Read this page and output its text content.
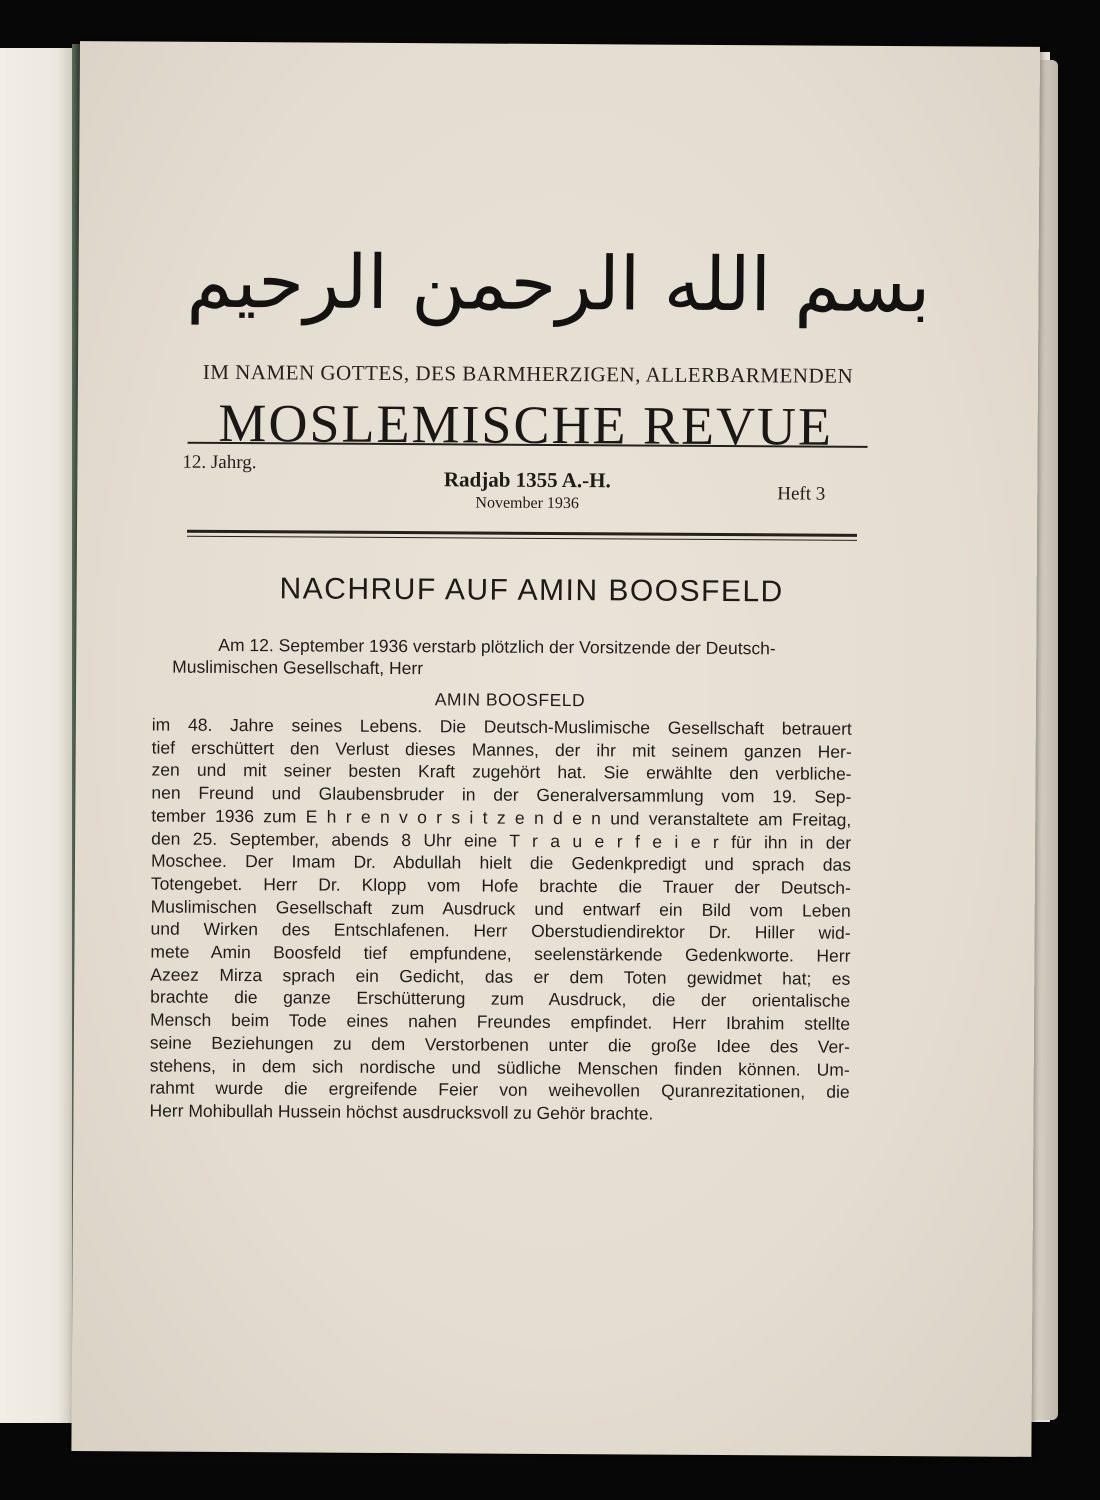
بسم الله الرحمن الرحيم
IM NAMEN GOTTES, DES BARMHERZIGEN, ALLERBARMENDEN
MOSLEMISCHE REVUE
12. Jahrg.
Radjab 1355 A.-H.
November 1936	Heft 3
NACHRUF AUF AMIN BOOSFELD
Am 12. September 1936 verstarb plötzlich der Vorsitzende der Deutsch-
Muslimischen Gesellschaft, Herr
AMIN BOOSFELD
im 48. Jahre seines Lebens. Die Deutsch-Muslimische Gesellschaft betrauert
tief erschüttert den Verlust dieses Mannes, der ihr mit seinem ganzen Her-
zen und mit seiner besten Kraft zugehört hat. Sie erwählte den verbliche-
nen Freund und Glaubensbruder in der Generalversammlung vom 19. Sep-
tember 1936 zum E h r e n v o r s i t z e n d e n und veranstaltete am Freitag,
den 25. September, abends 8 Uhr eine T r a u e r f e i e r für ihn in der
Moschee. Der Imam Dr. Abdullah hielt die Gedenkpredigt und sprach das
Totengebet. Herr Dr. Klopp vom Hofe brachte die Trauer der Deutsch-
Muslimischen Gesellschaft zum Ausdruck und entwarf ein Bild vom Leben
und Wirken des Entschlafenen. Herr Oberstudiendirektor Dr. Hiller wid-
mete Amin Boosfeld tief empfundene, seelenstärkende Gedenkworte. Herr
Azeez Mirza sprach ein Gedicht, das er dem Toten gewidmet hat; es
brachte die ganze Erschütterung zum Ausdruck, die der orientalische
Mensch beim Tode eines nahen Freundes empfindet. Herr Ibrahim stellte
seine Beziehungen zu dem Verstorbenen unter die große Idee des Ver-
stehens, in dem sich nordische und südliche Menschen finden können. Um-
rahmt wurde die ergreifende Feier von weihevollen Quranrezitationen, die
Herr Mohibullah Hussein höchst ausdrucksvoll zu Gehör brachte.
